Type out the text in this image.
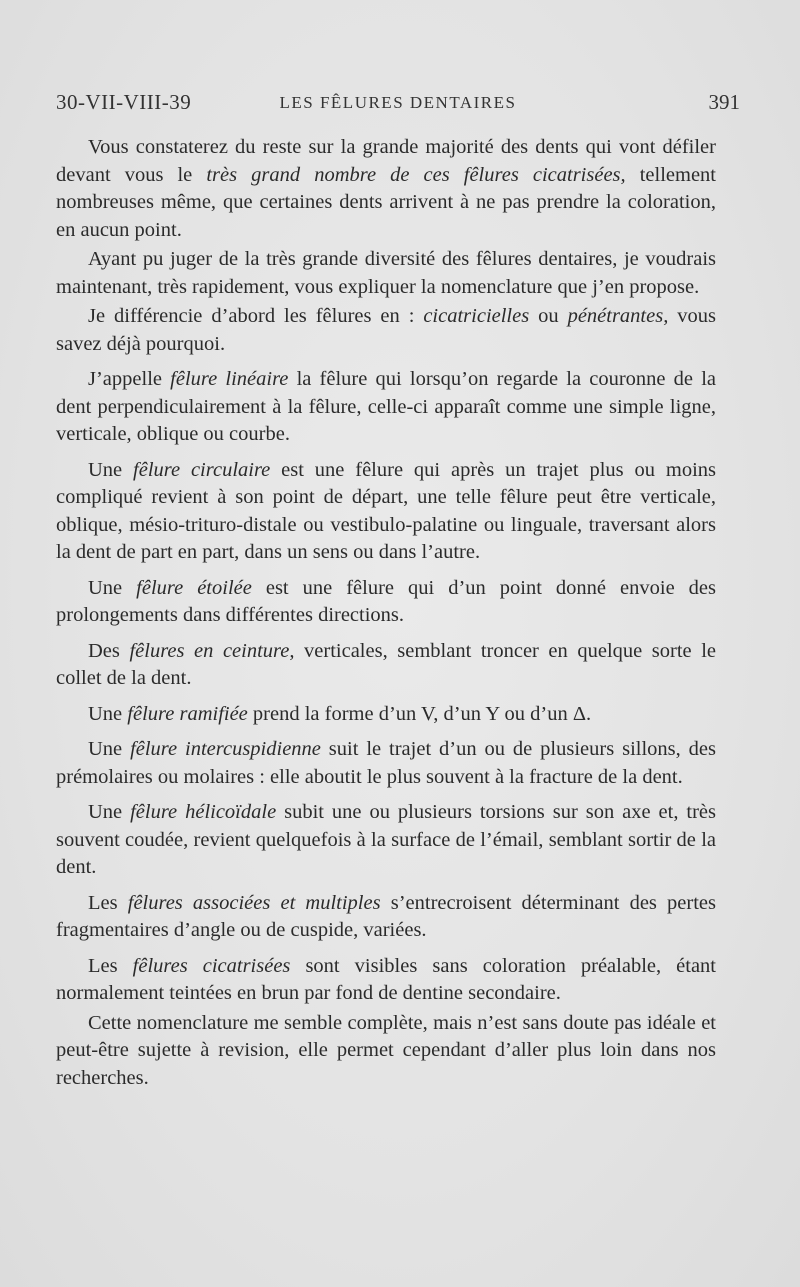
30-VII-VIII-39	LES FÊLURES DENTAIRES	391

Vous constaterez du reste sur la grande majorité des dents qui vont défiler devant vous le très grand nombre de ces fêlures cicatrisées, tellement nombreuses même, que certaines dents arrivent à ne pas prendre la coloration, en aucun point.

Ayant pu juger de la très grande diversité des fêlures dentaires, je voudrais maintenant, très rapidement, vous expliquer la nomenclature que j’en propose.

Je différencie d’abord les fêlures en : cicatricielles ou pénétrantes, vous savez déjà pourquoi.

J’appelle fêlure linéaire la fêlure qui lorsqu’on regarde la couronne de la dent perpendiculairement à la fêlure, celle-ci apparaît comme une simple ligne, verticale, oblique ou courbe.

Une fêlure circulaire est une fêlure qui après un trajet plus ou moins compliqué revient à son point de départ, une telle fêlure peut être verticale, oblique, mésio-trituro-distale ou vestibulo-palatine ou linguale, traversant alors la dent de part en part, dans un sens ou dans l’autre.

Une fêlure étoilée est une fêlure qui d’un point donné envoie des prolongements dans différentes directions.

Des fêlures en ceinture, verticales, semblant troncer en quelque sorte le collet de la dent.

Une fêlure ramifiée prend la forme d’un V, d’un Y ou d’un Δ.

Une fêlure intercuspidienne suit le trajet d’un ou de plusieurs sillons, des prémolaires ou molaires : elle aboutit le plus souvent à la fracture de la dent.

Une fêlure hélicoïdale subit une ou plusieurs torsions sur son axe et, très souvent coudée, revient quelquefois à la surface de l’émail, semblant sortir de la dent.

Les fêlures associées et multiples s’entrecroisent déterminant des pertes fragmentaires d’angle ou de cuspide, variées.

Les fêlures cicatrisées sont visibles sans coloration préalable, étant normalement teintées en brun par fond de dentine secondaire.

Cette nomenclature me semble complète, mais n’est sans doute pas idéale et peut-être sujette à revision, elle permet cependant d’aller plus loin dans nos recherches.
